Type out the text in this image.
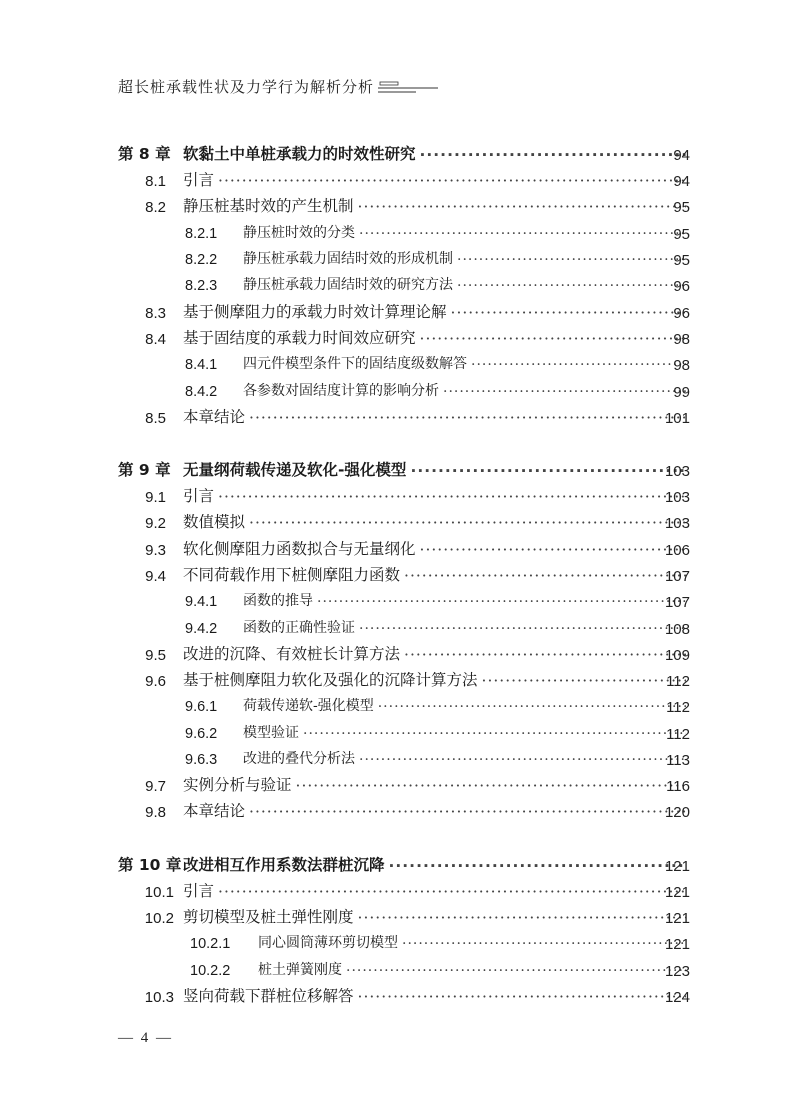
超长桩承载性状及力学行为解析分析
第 8 章 软黏土中单桩承载力的时效性研究 ·····	94
8.1 引言 ·····	94
8.2 静压桩基时效的产生机制 ·····	95
8.2.1 静压桩时效的分类 ·····	95
8.2.2 静压桩承载力固结时效的形成机制 ·····	95
8.2.3 静压桩承载力固结时效的研究方法 ·····	96
8.3 基于侧摩阻力的承载力时效计算理论解 ·····	96
8.4 基于固结度的承载力时间效应研究 ·····	98
8.4.1 四元件模型条件下的固结度级数解答 ·····	98
8.4.2 各参数对固结度计算的影响分析 ·····	99
8.5 本章结论 ·····	101
第 9 章 无量纲荷载传递及软化-强化模型 ·····	103
9.1 引言 ·····	103
9.2 数值模拟 ·····	103
9.3 软化侧摩阻力函数拟合与无量纲化 ·····	106
9.4 不同荷载作用下桩侧摩阻力函数 ·····	107
9.4.1 函数的推导 ·····	107
9.4.2 函数的正确性验证 ·····	108
9.5 改进的沉降、有效桩长计算方法 ·····	109
9.6 基于桩侧摩阻力软化及强化的沉降计算方法 ·····	112
9.6.1 荷载传递软-强化模型 ·····	112
9.6.2 模型验证 ·····	112
9.6.3 改进的叠代分析法 ·····	113
9.7 实例分析与验证 ·····	116
9.8 本章结论 ·····	120
第 10 章 改进相互作用系数法群桩沉降 ·····	121
10.1 引言 ·····	121
10.2 剪切模型及桩土弹性刚度 ·····	121
10.2.1 同心圆筒薄环剪切模型 ·····	121
10.2.2 桩土弹簧刚度 ·····	123
10.3 竖向荷载下群桩位移解答 ·····	124
— 4 —
